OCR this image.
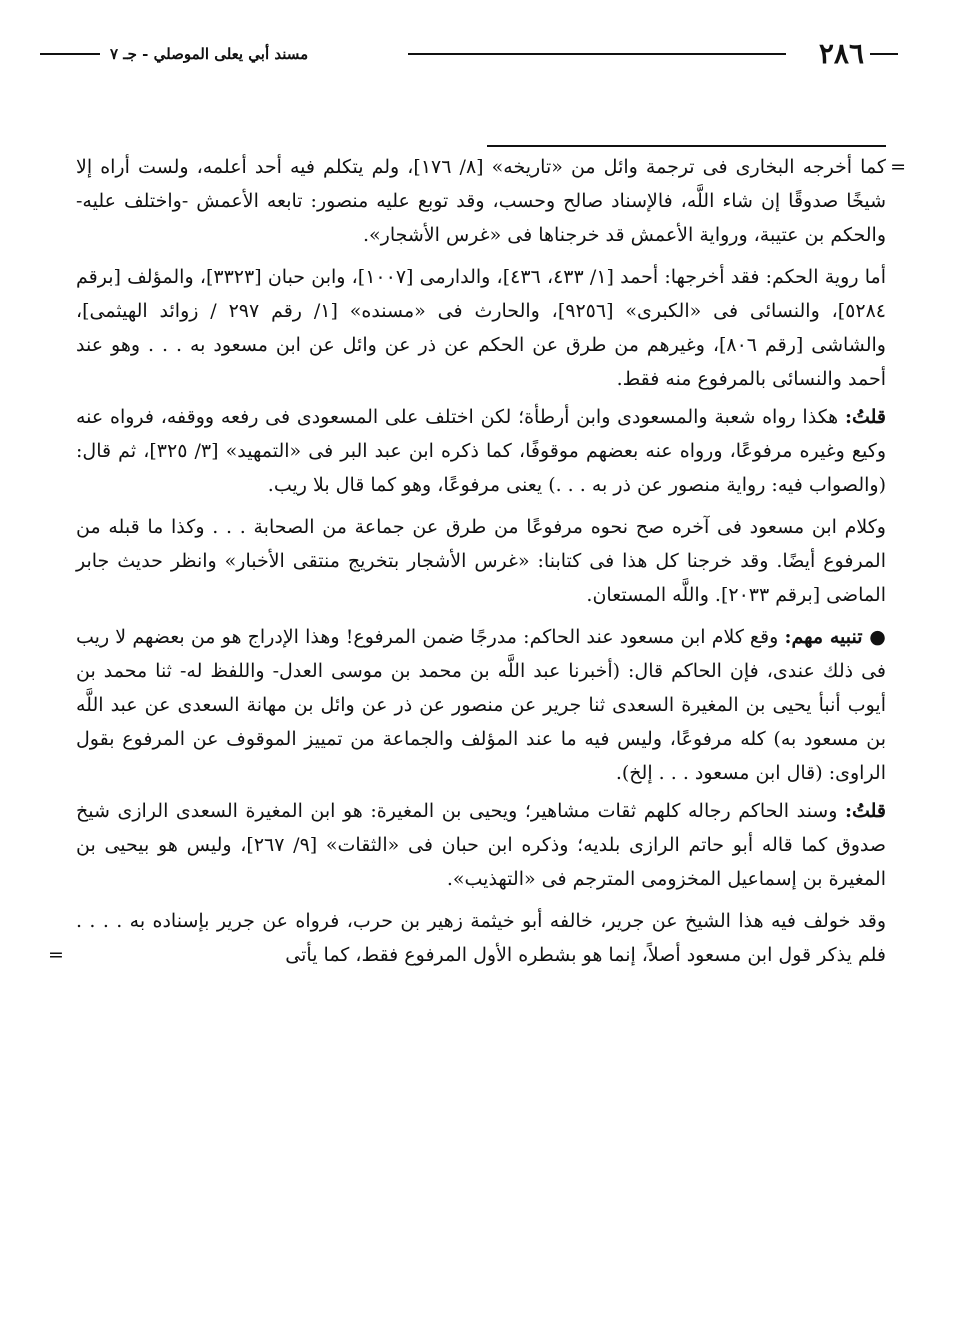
٢٨٦
مسند أبي يعلى الموصلي - جـ ٧

=
كما أخرجه البخارى فى ترجمة وائل من «تاريخه» [٨/ ١٧٦]، ولم يتكلم فيه أحد أعلمه، ولست أراه إلا شيخًا صدوقًا إن شاء اللَّه، فالإسناد صالح وحسب، وقد توبع عليه منصور: تابعه الأعمش -واختلف عليه- والحكم بن عتيبة، ورواية الأعمش قد خرجناها فى «غرس الأشجار».

أما روية الحكم: فقد أخرجها: أحمد [١/ ٤٣٣، ٤٣٦]، والدارمى [١٠٠٧]، وابن حبان [٣٣٢٣]، والمؤلف [برقم ٥٢٨٤]، والنسائى فى «الكبرى» [٩٢٥٦]، والحارث فى «مسنده» [١/ رقم ٢٩٧ / زوائد الهيثمى]، والشاشى [رقم ٨٠٦]، وغيرهم من طرق عن الحكم عن ذر عن وائل عن ابن مسعود به . . . وهو عند أحمد والنسائى بالمرفوع منه فقط.

قلتُ: هكذا رواه شعبة والمسعودى وابن أرطأة؛ لكن اختلف على المسعودى فى رفعه ووقفه، فرواه عنه وكيع وغيره مرفوعًا، ورواه عنه بعضهم موقوفًا، كما ذكره ابن عبد البر فى «التمهيد» [٣/ ٣٢٥]، ثم قال: (والصواب فيه: رواية منصور عن ذر به . . .) يعنى مرفوعًا، وهو كما قال بلا ريب.

وكلام ابن مسعود فى آخره صح نحوه مرفوعًا من طرق عن جماعة من الصحابة . . . وكذا ما قبله من المرفوع أيضًا. وقد خرجنا كل هذا فى كتابنا: «غرس الأشجار بتخريج منتقى الأخبار» وانظر حديث جابر الماضى [برقم ٢٠٣٣]. واللَّه المستعان.

● تنبيه مهم: وقع كلام ابن مسعود عند الحاكم: مدرجًا ضمن المرفوع! وهذا الإدراج هو من بعضهم لا ريب فى ذلك عندى، فإن الحاكم قال: (أخبرنا عبد اللَّه بن محمد بن موسى العدل- واللفظ له- ثنا محمد بن أيوب أنبأ يحيى بن المغيرة السعدى ثنا جرير عن منصور عن ذر عن وائل بن مهانة السعدى عن عبد اللَّه بن مسعود به) كله مرفوعًا، وليس فيه ما عند المؤلف والجماعة من تمييز الموقوف عن المرفوع بقول الراوى: (قال ابن مسعود . . . إلخ).

قلتُ: وسند الحاكم رجاله كلهم ثقات مشاهير؛ ويحيى بن المغيرة: هو ابن المغيرة السعدى الرازى شيخ صدوق كما قاله أبو حاتم الرازى بلديه؛ وذكره ابن حبان فى «الثقات» [٩/ ٢٦٧]، وليس هو بيحيى بن المغيرة بن إسماعيل المخزومى المترجم فى «التهذيب».

وقد خولف فيه هذا الشيخ عن جرير، خالفه أبو خيثمة زهير بن حرب، فرواه عن جرير بإسناده به . . . . فلم يذكر قول ابن مسعود أصلاً، إنما هو بشطره الأول المرفوع فقط، كما يأتى
=
